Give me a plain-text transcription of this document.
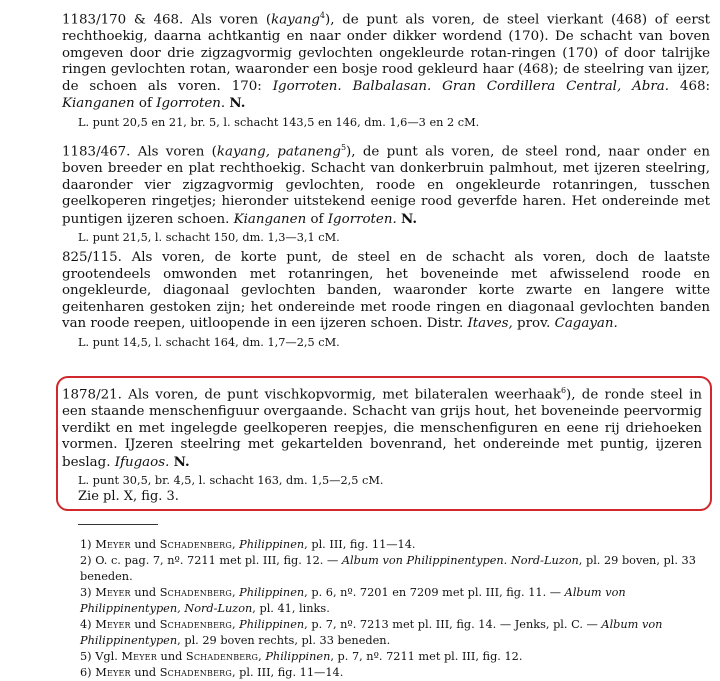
1183/170 & 468. Als voren (kayang$^4$), de punt als voren, de steel vierkant (468) of eerst rechthoekig, daarna achtkantig en naar onder dikker wordend (170). De schacht van boven omgeven door drie zigzagvormig gevlochten ongekleurde rotan-ringen (170) of door talrijke ringen gevlochten rotan, waaronder een bosje rood gekleurd haar (468); de steelring van ijzer, de schoen als voren. 170: Igorroten. Balbalasan. Gran Cordillera Central, Abra. 468: Kianganen of Igorroten. N.
L. punt 20,5 en 21, br. 5, l. schacht 143,5 en 146, dm. 1,6—3 en 2 cM.
1183/467. Als voren (kayang, pataneng$^5$), de punt als voren, de steel rond, naar onder en boven breeder en plat rechthoekig. Schacht van donkerbruin palmhout, met ijzeren steelring, daaronder vier zigzagvormig gevlochten, roode en ongekleurde rotanringen, tusschen geelkoperen ringetjes; hieronder uitstekend eenige rood geverfde haren. Het ondereinde met puntigen ijzeren schoen. Kianganen of Igorroten. N.
L. punt 21,5, l. schacht 150, dm. 1,3—3,1 cM.
825/115. Als voren, de korte punt, de steel en de schacht als voren, doch de laatste grootendeels omwonden met rotanringen, het boveneinde met afwisselend roode en ongekleurde, diagonaal gevlochten banden, waaronder korte zwarte en langere witte geitenharen gestoken zijn; het ondereinde met roode ringen en diagonaal gevlochten banden van roode reepen, uitloopende in een ijzeren schoen. Distr. Itaves, prov. Cagayan.
L. punt 14,5, l. schacht 164, dm. 1,7—2,5 cM.
1878/21. Als voren, de punt vischkopvormig, met bilateralen weerhaak$^6$), de ronde steel in een staande menschenfiguur overgaande. Schacht van grijs hout, het boveneinde peervormig verdikt en met ingelegde geelkoperen reepjes, die menschenfiguren en eene rij driehoeken vormen. IJzeren steelring met gekartelden bovenrand, het ondereinde met puntig, ijzeren beslag. Ifugaos. N.
L. punt 30,5, br. 4,5, l. schacht 163, dm. 1,5—2,5 cM.
Zie pl. X, fig. 3.
1) Meyer und Schadenberg, Philippinen, pl. III, fig. 11—14.
2) O. c. pag. 7, nº. 7211 met pl. III, fig. 12. — Album von Philippinentypen. Nord-Luzon, pl. 29 boven, pl. 33 beneden.
3) Meyer und Schadenberg, Philippinen, p. 6, nº. 7201 en 7209 met pl. III, fig. 11. — Album von Philippinentypen, Nord-Luzon, pl. 41, links.
4) Meyer und Schadenberg, Philippinen, p. 7, nº. 7213 met pl. III, fig. 14. — Jenks, pl. C. — Album von Philippinentypen, pl. 29 boven rechts, pl. 33 beneden.
5) Vgl. Meyer und Schadenberg, Philippinen, p. 7, nº. 7211 met pl. III, fig. 12.
6) Meyer und Schadenberg, pl. III, fig. 11—14.
